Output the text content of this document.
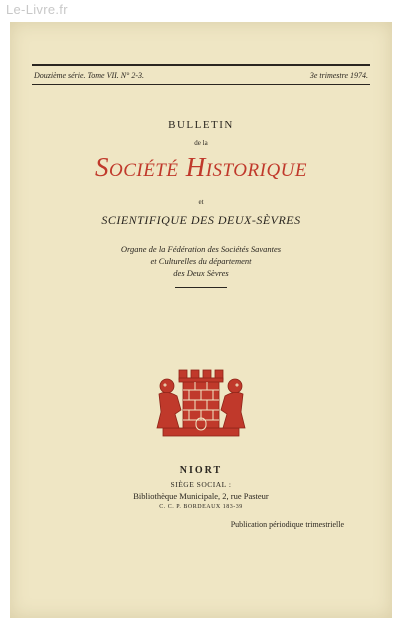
Le-Livre.fr
Douzième série. Tome VII. N° 2-3.	3e trimestre 1974.
BULLETIN
de la
Société Historique
et
SCIENTIFIQUE DES DEUX-SÈVRES
Organe de la Fédération des Sociétés Savantes
et Culturelles du département
des Deux Sèvres
NIORT
SIÈGE SOCIAL :
Bibliothèque Municipale, 2, rue Pasteur
C. C. P. BORDEAUX 183-39
Publication périodique trimestrielle
